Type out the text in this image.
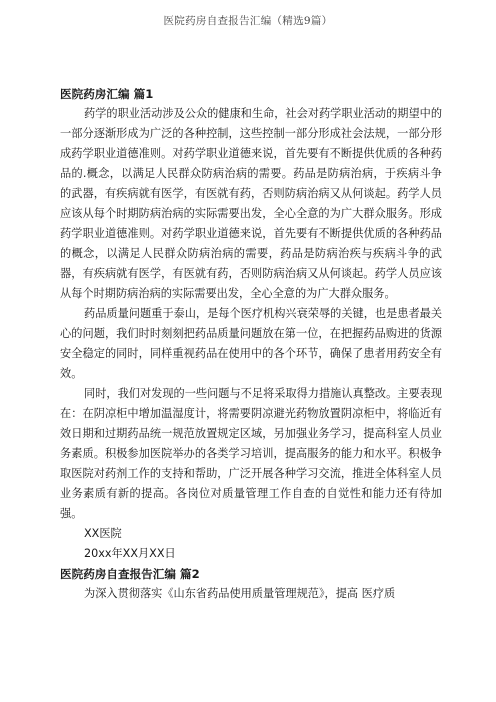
医院药房自查报告汇编（精选9篇）

医院药房汇编 篇1

药学的职业活动涉及公众的健康和生命，社会对药学职业活动的期望中的一部分逐渐形成为广泛的各种控制，这些控制一部分形成社会法规，一部分形成药学职业道德准则。对药学职业道德来说，首先要有不断提供优质的各种药品的.概念，以满足人民群众防病治病的需要。药品是防病治病，于疾病斗争的武器，有疾病就有医学，有医就有药，否则防病治病又从何谈起。药学人员应该从每个时期防病治病的实际需要出发，全心全意的为广大群众服务。形成药学职业道德准则。对药学职业道德来说，首先要有不断提供优质的各种药品的概念，以满足人民群众防病治病的需要，药品是防病治疾与疾病斗争的武器，有疾病就有医学，有医就有药，否则防病治病又从何谈起。药学人员应该从每个时期防病治病的实际需要出发，全心全意的为广大群众服务。

药品质量问题重于泰山，是每个医疗机构兴衰荣辱的关键，也是患者最关心的问题，我们时时刻刻把药品质量问题放在第一位，在把握药品购进的货源安全稳定的同时，同样重视药品在使用中的各个环节，确保了患者用药安全有效。

同时，我们对发现的一些问题与不足将采取得力措施认真整改。主要表现在：在阴凉柜中增加温湿度计，将需要阴凉避光药物放置阴凉柜中，将临近有效日期和过期药品统一规范放置规定区域，另加强业务学习，提高科室人员业务素质。积极参加医院举办的各类学习培训，提高服务的能力和水平。积极争取医院对药剂工作的支持和帮助，广泛开展各种学习交流，推进全体科室人员业务素质有新的提高。各岗位对质量管理工作自查的自觉性和能力还有待加强。

XX医院

20xx年XX月XX日

医院药房自查报告汇编 篇2

为深入贯彻落实《山东省药品使用质量管理规范》，提高 医疗质
